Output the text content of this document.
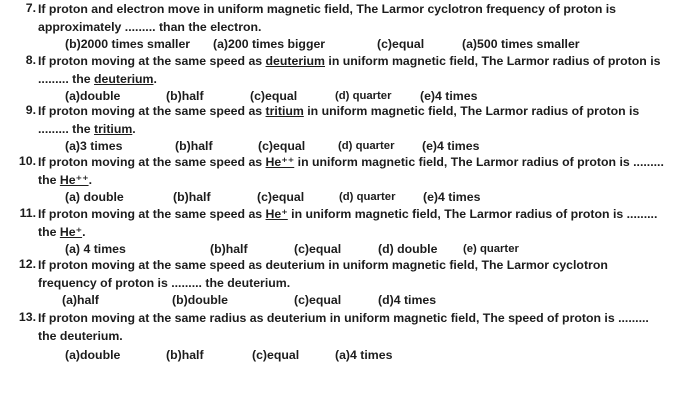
7. If proton and electron move in uniform magnetic field, The Larmor cyclotron frequency of proton is
approximately ......... than the electron.
(b)2000 times smaller (a)200 times bigger	(c)equal	(a)500 times smaller
8. If proton moving at the same speed as deuterium in uniform magnetic field, The Larmor radius of proton is
......... the deuterium.
(a)double	(b)half	(c)equal	(d) quarter (e)4 times
9. If proton moving at the same speed as tritium in uniform magnetic field, The Larmor radius of proton is
......... the tritium.
(a)3 times	(b)half	(c)equal	(d) quarter (e)4 times
10. If proton moving at the same speed as He⁺⁺ in uniform magnetic field, The Larmor radius of proton is .........
the He⁺⁺.
(a) double	(b)half	(c)equal	(d) quarter (e)4 times
11. If proton moving at the same speed as He⁺ in uniform magnetic field, The Larmor radius of proton is .........
the He⁺.
(a) 4 times	(b)half	(c)equal	(d) double (e) quarter
12. If proton moving at the same speed as deuterium in uniform magnetic field, The Larmor cyclotron
frequency of proton is ......... the deuterium.
(a)half	(b)double	(c)equal	(d)4 times
13. If proton moving at the same radius as deuterium in uniform magnetic field, The speed of proton is .........
the deuterium.
(a)double	(b)half	(c)equal	(a)4 times
